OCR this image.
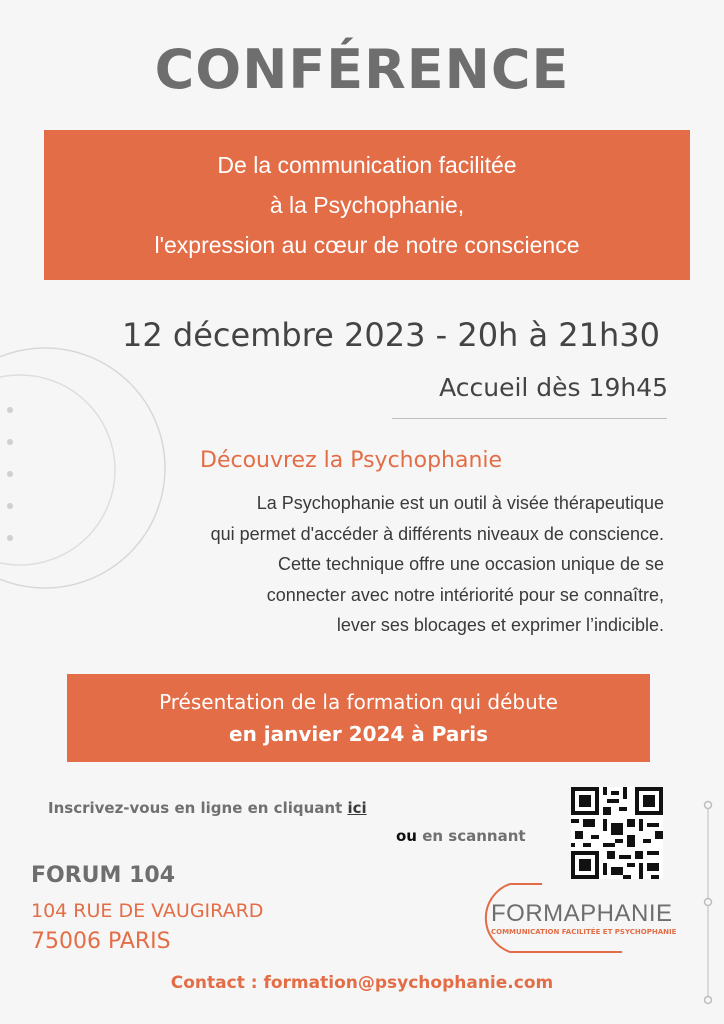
CONFÉRENCE
De la communication facilitée
à la Psychophanie,
l'expression au cœur de notre conscience
12 décembre 2023 - 20h à 21h30
Accueil dès 19h45
Découvrez la Psychophanie
La Psychophanie est un outil à visée thérapeutique
qui permet d'accéder à différents niveaux de conscience.
Cette technique offre une occasion unique de se
connecter avec notre intériorité pour se connaître,
lever ses blocages et exprimer l’indicible.
Présentation de la formation qui débute
en janvier 2024 à Paris
Inscrivez-vous en ligne en cliquant ici
ou en scannant
FORUM 104
104 RUE DE VAUGIRARD
75006 PARIS
FORMAPHANIE
COMMUNICATION FACILITÉE ET PSYCHOPHANIE
Contact : formation@psychophanie.com
